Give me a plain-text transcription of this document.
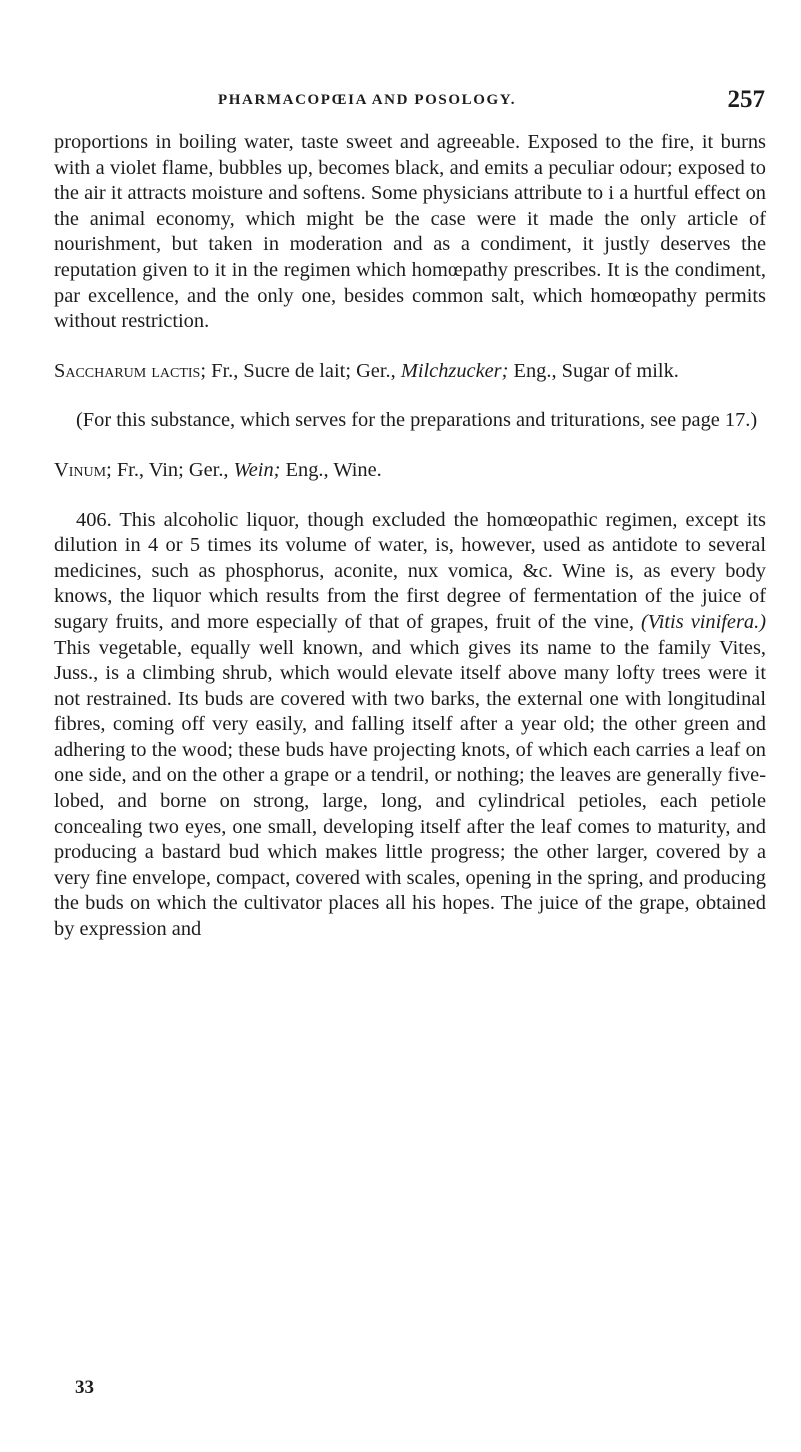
PHARMACOPŒIA AND POSOLOGY.	257

proportions in boiling water, taste sweet and agreeable. Exposed to the fire, it burns with a violet flame, bubbles up, becomes black, and emits a peculiar odour; exposed to the air it attracts moisture and softens. Some physicians attribute to i a hurtful effect on the animal economy, which might be the case were it made the only article of nourishment, but taken in moderation and as a condiment, it justly deserves the reputation given to it in the regimen which homœpathy prescribes. It is the condiment, par excellence, and the only one, besides common salt, which homœopathy permits without restriction.

Saccharum lactis; Fr., Sucre de lait; Ger., Milchzucker; Eng., Sugar of milk.

(For this substance, which serves for the preparations and triturations, see page 17.)

Vinum; Fr., Vin; Ger., Wein; Eng., Wine.

406. This alcoholic liquor, though excluded the homœopathic regimen, except its dilution in 4 or 5 times its volume of water, is, however, used as antidote to several medicines, such as phosphorus, aconite, nux vomica, &c. Wine is, as every body knows, the liquor which results from the first degree of fermentation of the juice of sugary fruits, and more especially of that of grapes, fruit of the vine, (Vitis vinifera.) This vegetable, equally well known, and which gives its name to the family Vites, Juss., is a climbing shrub, which would elevate itself above many lofty trees were it not restrained. Its buds are covered with two barks, the external one with longitudinal fibres, coming off very easily, and falling itself after a year old; the other green and adhering to the wood; these buds have projecting knots, of which each carries a leaf on one side, and on the other a grape or a tendril, or nothing; the leaves are generally five-lobed, and borne on strong, large, long, and cylindrical petioles, each petiole concealing two eyes, one small, developing itself after the leaf comes to maturity, and producing a bastard bud which makes little progress; the other larger, covered by a very fine envelope, compact, covered with scales, opening in the spring, and producing the buds on which the cultivator places all his hopes. The juice of the grape, obtained by expression and

33
